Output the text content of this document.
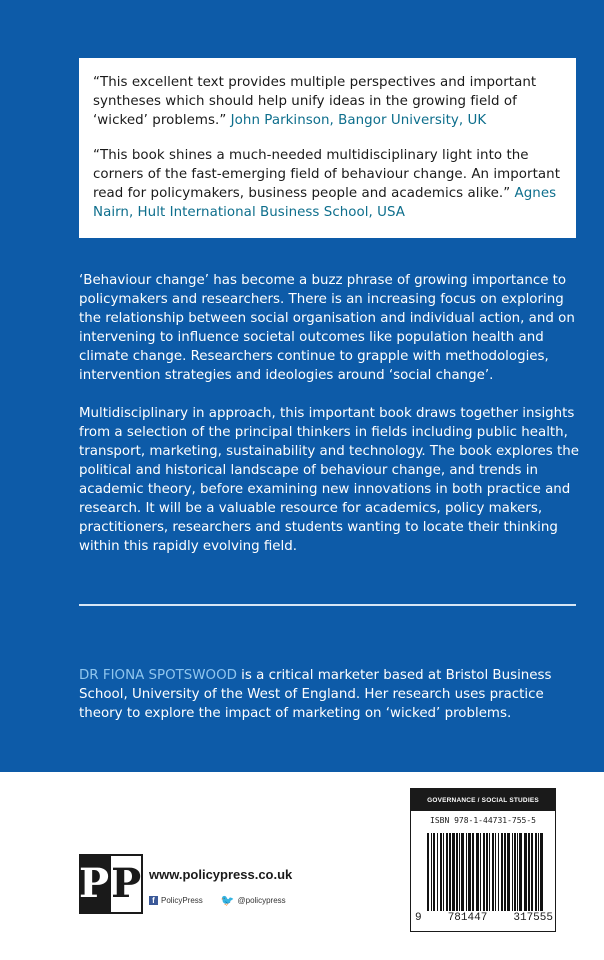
“This excellent text provides multiple perspectives and important syntheses which should help unify ideas in the growing field of ‘wicked’ problems.” John Parkinson, Bangor University, UK

“This book shines a much-needed multidisciplinary light into the corners of the fast-emerging field of behaviour change. An important read for policymakers, business people and academics alike.” Agnes Nairn, Hult International Business School, USA

‘Behaviour change’ has become a buzz phrase of growing importance to policymakers and researchers. There is an increasing focus on exploring the relationship between social organisation and individual action, and on intervening to influence societal outcomes like population health and climate change. Researchers continue to grapple with methodologies, intervention strategies and ideologies around ‘social change’.

Multidisciplinary in approach, this important book draws together insights from a selection of the principal thinkers in fields including public health, transport, marketing, sustainability and technology. The book explores the political and historical landscape of behaviour change, and trends in academic theory, before examining new innovations in both practice and research. It will be a valuable resource for academics, policy makers, practitioners, researchers and students wanting to locate their thinking within this rapidly evolving field.

DR FIONA SPOTSWOOD is a critical marketer based at Bristol Business School, University of the West of England. Her research uses practice theory to explore the impact of marketing on ‘wicked’ problems.
P P www.policypress.co.uk
f PolicyPress 🐦 @policypress
GOVERNANCE / SOCIAL STUDIES
ISBN 978-1-44731-755-5
9 781447 317555
